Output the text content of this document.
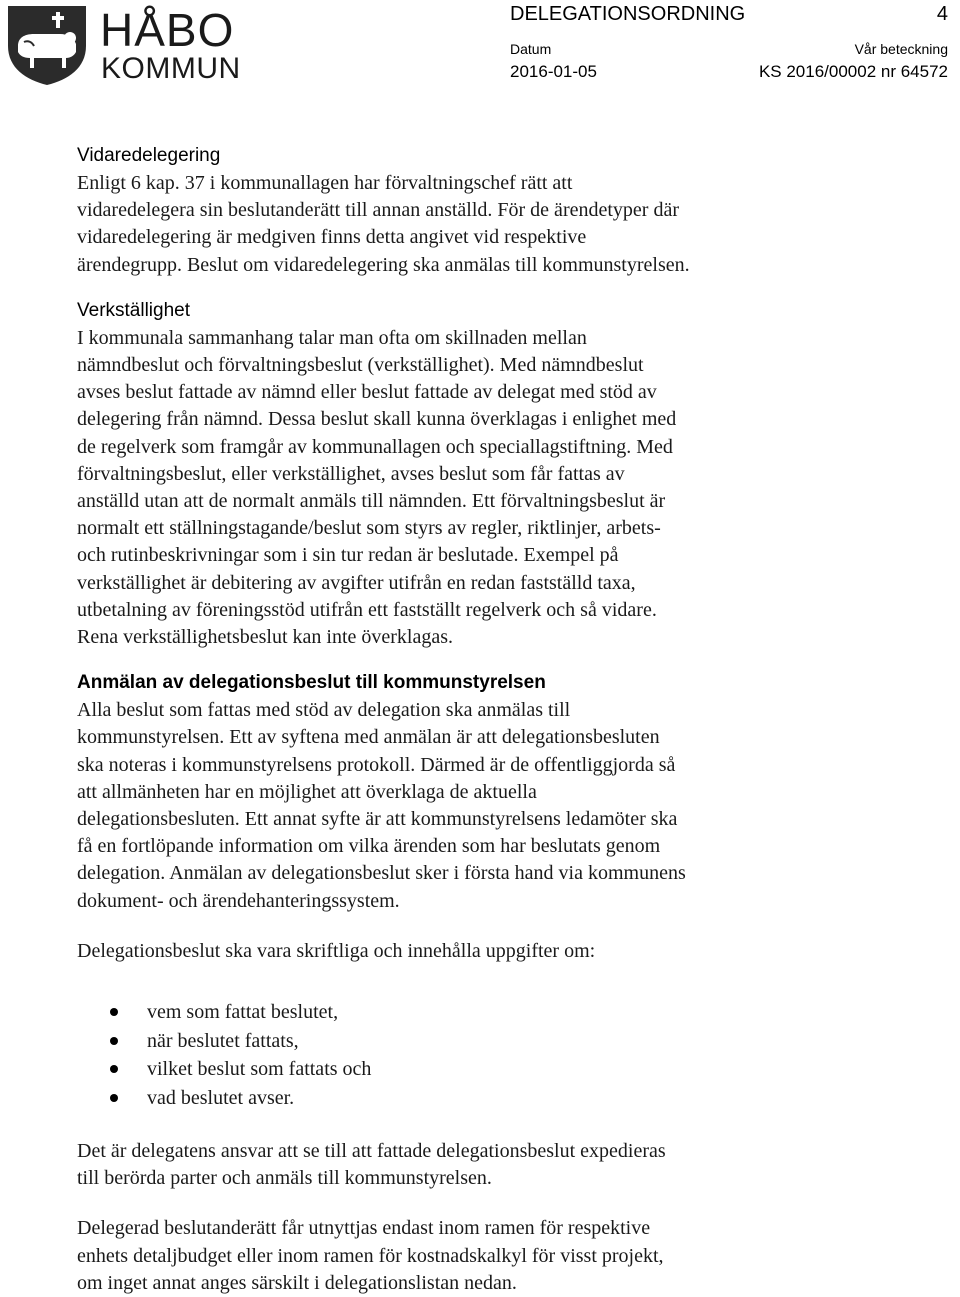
HÅBO
KOMMUN
DELEGATIONSORDNING	4
Datum	Vår beteckning
2016-01-05	KS 2016/00002 nr 64572
Vidaredelegering

Enligt 6 kap. 37 i kommunallagen har förvaltningschef rätt att
vidaredelegera sin beslutanderätt till annan anställd. För de ärendetyper där
vidaredelegering är medgiven finns detta angivet vid respektive
ärendegrupp. Beslut om vidaredelegering ska anmälas till kommunstyrelsen.

Verkställighet

I kommunala sammanhang talar man ofta om skillnaden mellan
nämndbeslut och förvaltningsbeslut (verkställighet). Med nämndbeslut
avses beslut fattade av nämnd eller beslut fattade av delegat med stöd av
delegering från nämnd. Dessa beslut skall kunna överklagas i enlighet med
de regelverk som framgår av kommunallagen och speciallagstiftning. Med
förvaltningsbeslut, eller verkställighet, avses beslut som får fattas av
anställd utan att de normalt anmäls till nämnden. Ett förvaltningsbeslut är
normalt ett ställningstagande/beslut som styrs av regler, riktlinjer, arbets-
och rutinbeskrivningar som i sin tur redan är beslutade. Exempel på
verkställighet är debitering av avgifter utifrån en redan fastställd taxa,
utbetalning av föreningsstöd utifrån ett fastställt regelverk och så vidare.
Rena verkställighetsbeslut kan inte överklagas.

Anmälan av delegationsbeslut till kommunstyrelsen

Alla beslut som fattas med stöd av delegation ska anmälas till
kommunstyrelsen. Ett av syftena med anmälan är att delegationsbesluten
ska noteras i kommunstyrelsens protokoll. Därmed är de offentliggjorda så
att allmänheten har en möjlighet att överklaga de aktuella
delegationsbesluten. Ett annat syfte är att kommunstyrelsens ledamöter ska
få en fortlöpande information om vilka ärenden som har beslutats genom
delegation. Anmälan av delegationsbeslut sker i första hand via kommunens
dokument- och ärendehanteringssystem.

Delegationsbeslut ska vara skriftliga och innehålla uppgifter om:

vem som fattat beslutet,
när beslutet fattats,
vilket beslut som fattats och
vad beslutet avser.

Det är delegatens ansvar att se till att fattade delegationsbeslut expedieras
till berörda parter och anmäls till kommunstyrelsen.

Delegerad beslutanderätt får utnyttjas endast inom ramen för respektive
enhets detaljbudget eller inom ramen för kostnadskalkyl för visst projekt,
om inget annat anges särskilt i delegationslistan nedan.
